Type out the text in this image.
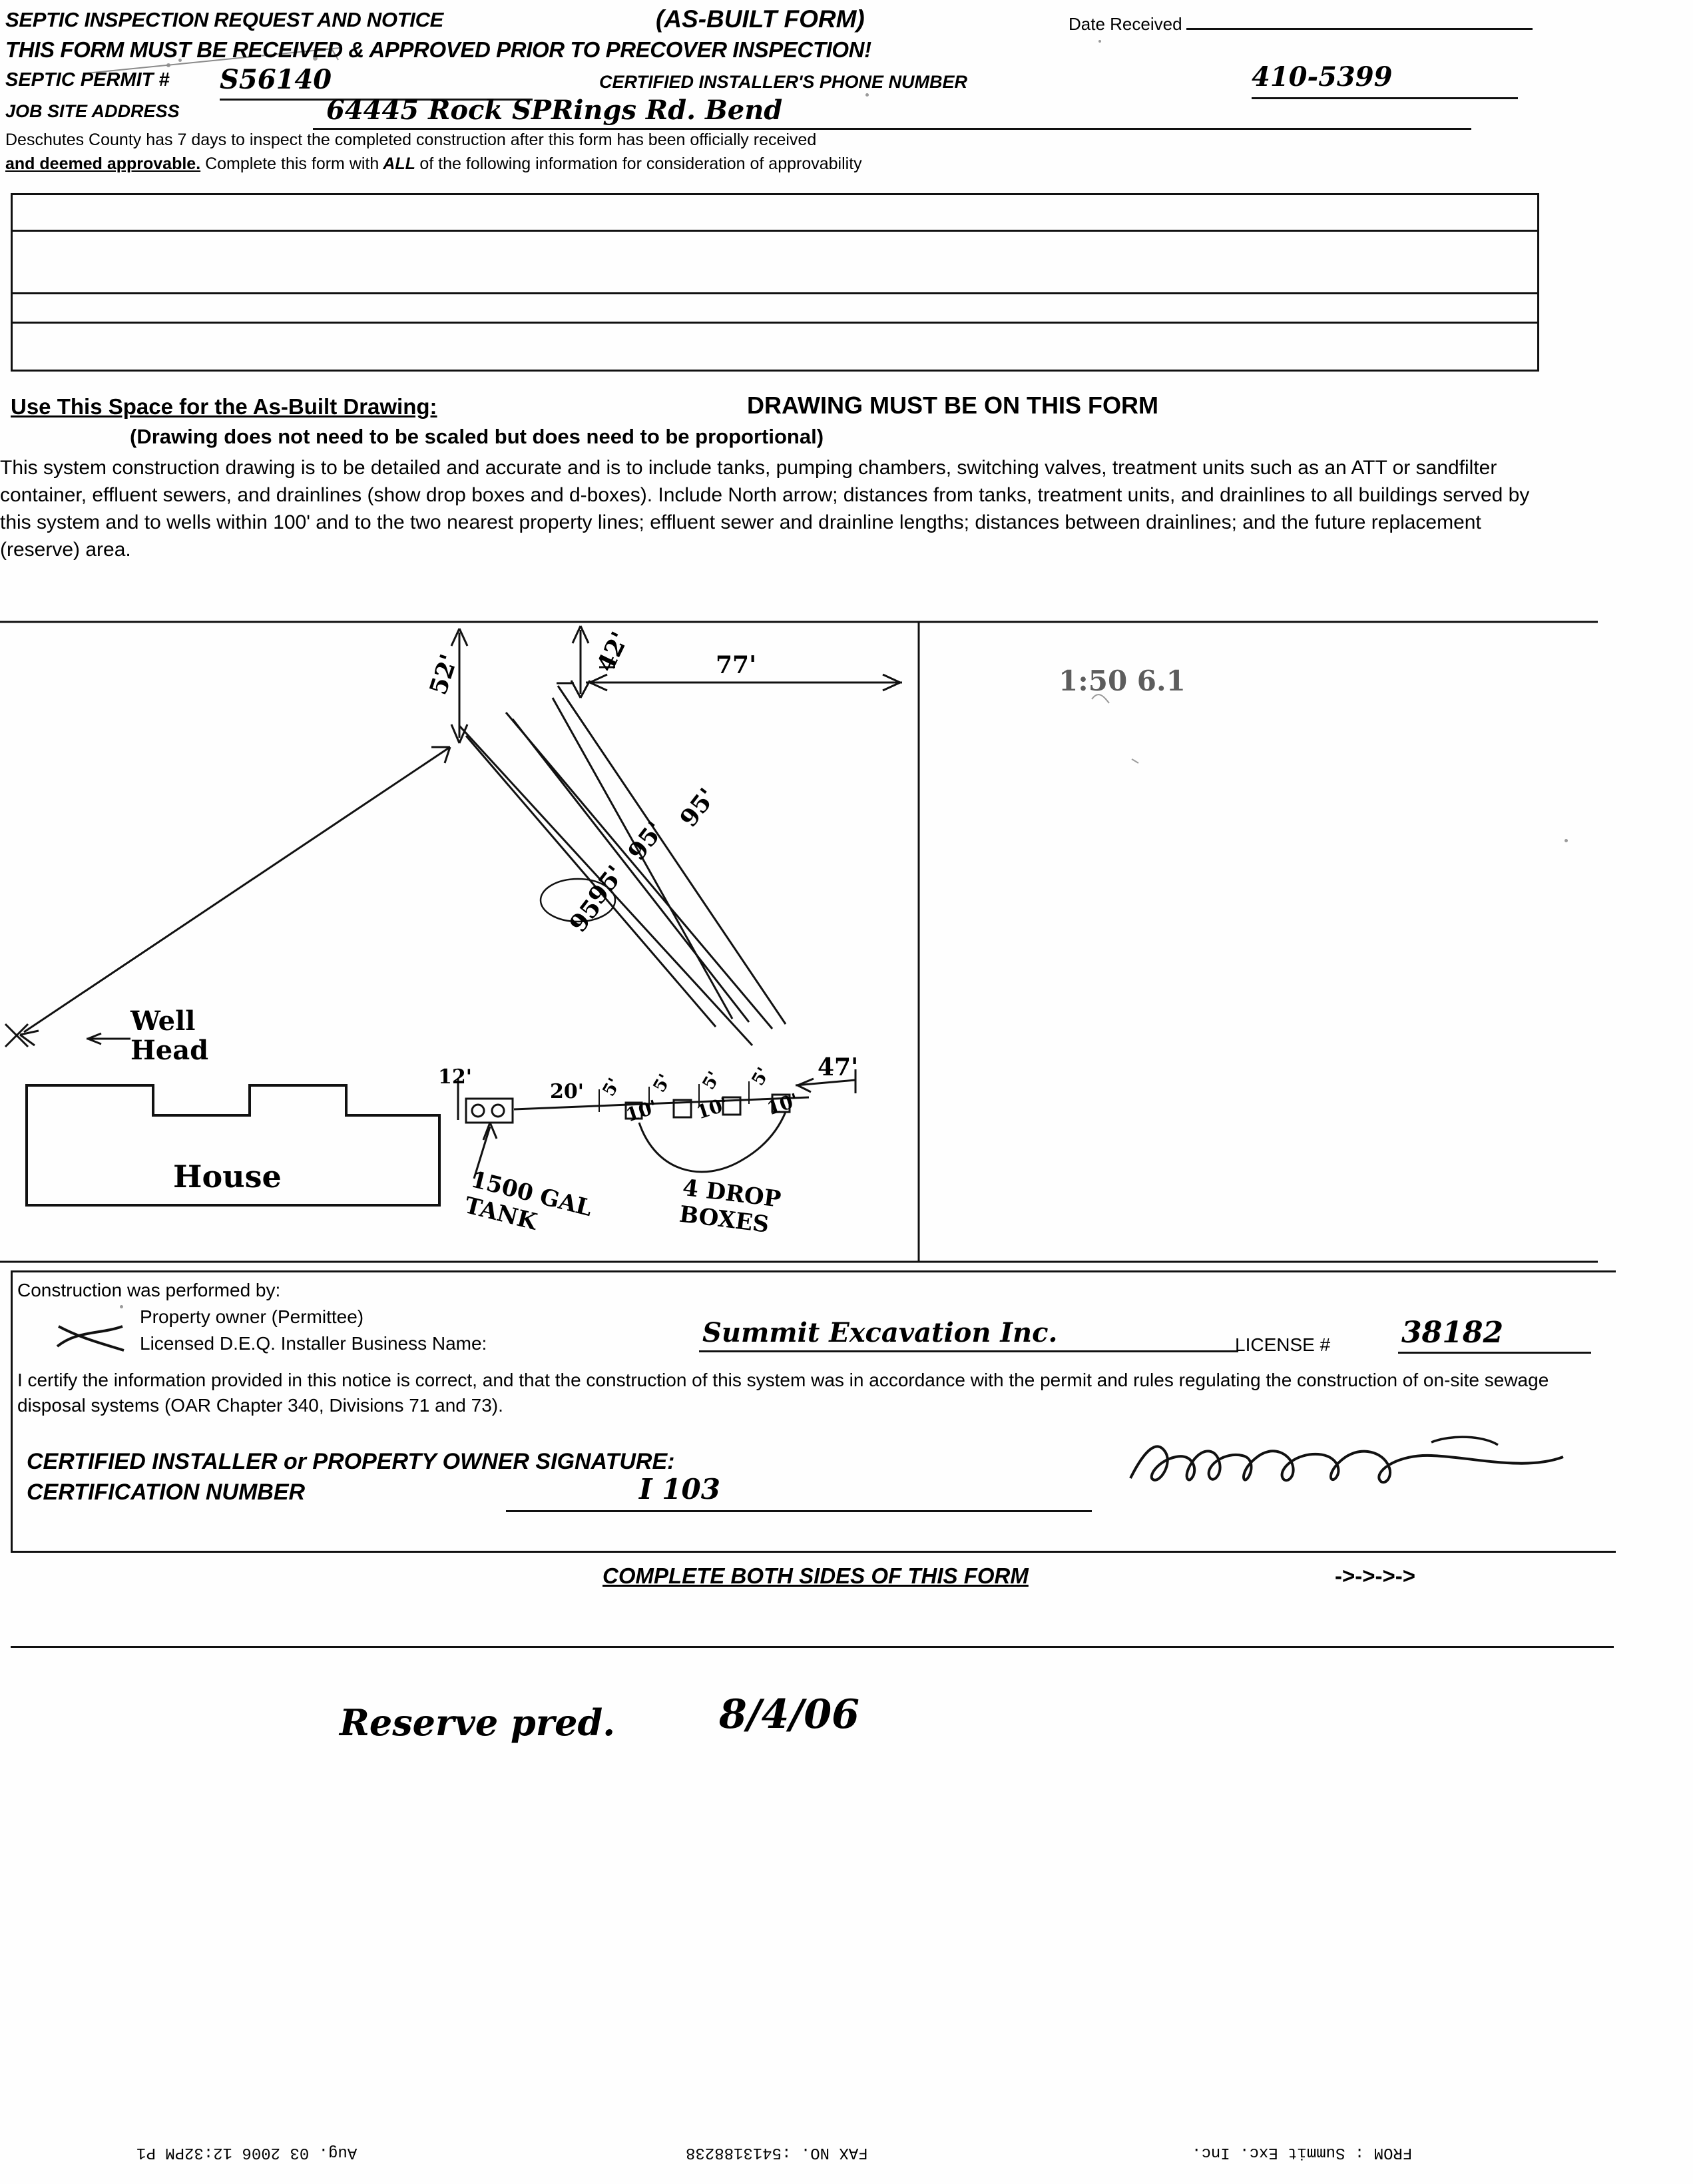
SEPTIC INSPECTION REQUEST AND NOTICE	(AS-BUILT FORM)	Date Received
THIS FORM MUST BE RECEIVED & APPROVED PRIOR TO PRECOVER INSPECTION!
SEPTIC PERMIT # S56140	CERTIFIED INSTALLER'S PHONE NUMBER	410-5399
JOB SITE ADDRESS	64445 Rock SPRings Rd. Bend
Deschutes County has 7 days to inspect the completed construction after this form has been officially received
and deemed approvable. Complete this form with ALL of the following information for consideration of approvability
Use This Space for the As-Built Drawing:	DRAWING MUST BE ON THIS FORM
(Drawing does not need to be scaled but does need to be proportional)
This system construction drawing is to be detailed and accurate and is to include tanks, pumping chambers, switching valves, treatment units such as an ATT or sandfilter container, effluent sewers, and drainlines (show drop boxes and d-boxes). Include North arrow; distances from tanks, treatment units, and drainlines to all buildings served by this system and to wells within 100' and to the two nearest property lines; effluent sewer and drainline lengths; distances between drainlines; and the future replacement (reserve) area.
52'	42'	77'
95'
95'
95'
95'
Well Head
House
12'
20' 5' 5' 5' 5'
10' 10' 10'
47'
1500 GAL TANK	4 DROP BOXES
1:50 6.1
Construction was performed by:
Property owner (Permittee)
Licensed D.E.Q. Installer Business Name:	Summit Excavation Inc.	LICENSE # 38182
I certify the information provided in this notice is correct, and that the construction of this system was in accordance with the permit and rules regulating the construction of on-site sewage disposal systems (OAR Chapter 340, Divisions 71 and 73).
CERTIFIED INSTALLER or PROPERTY OWNER SIGNATURE:
CERTIFICATION NUMBER	I 103
COMPLETE BOTH SIDES OF THIS FORM	->->->->
Reserve pred.	8/4/06
Aug. 03 2006 12:32PM P1	FAX NO. :5413188238	FROM : Summit Exc. Inc.
